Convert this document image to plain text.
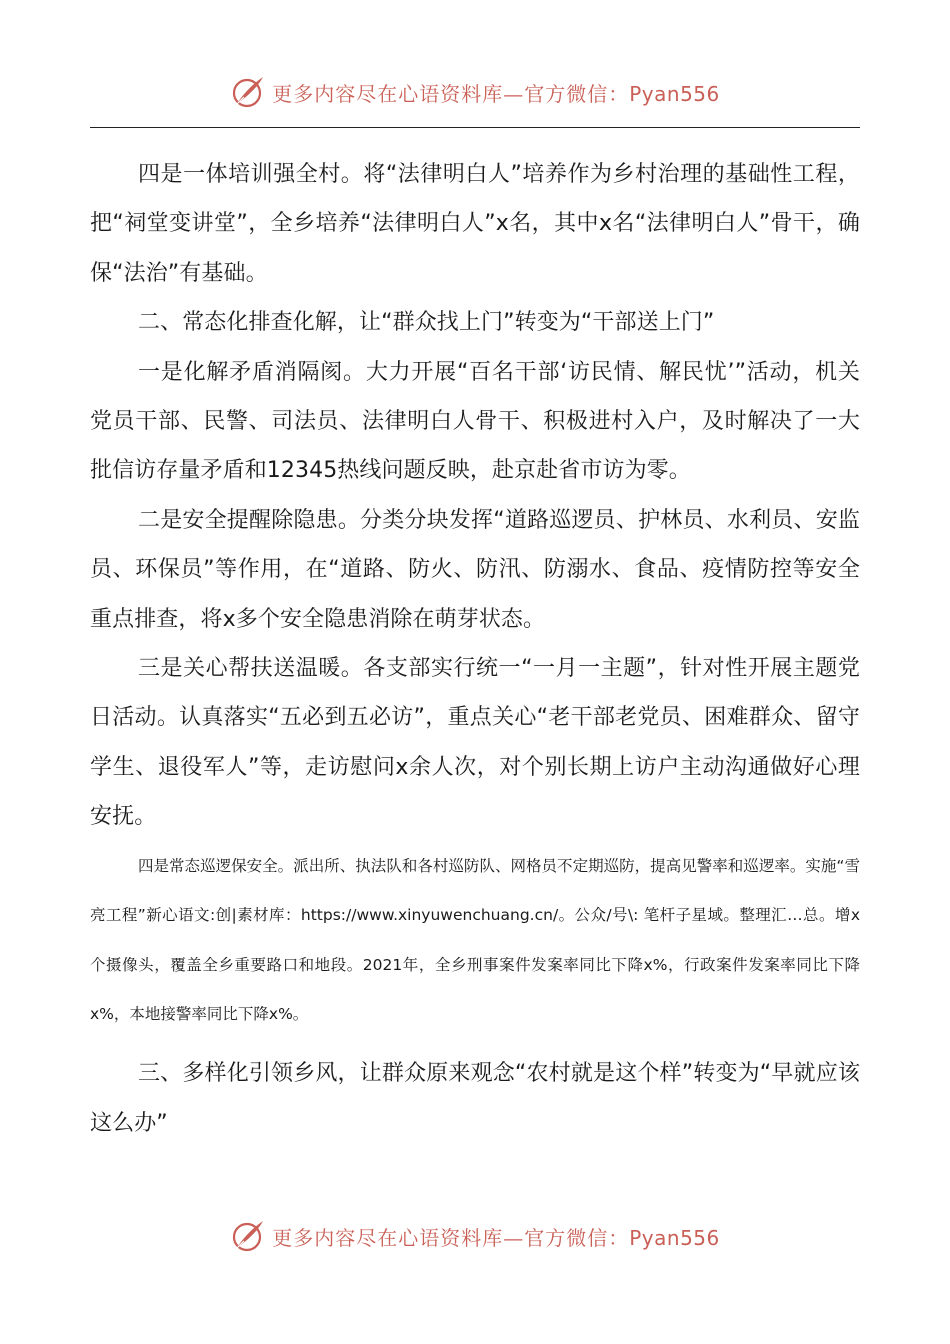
更多内容尽在心语资料库—官方微信：Pyan556

四是一体培训强全村。将“法律明白人”培养作为乡村治理的基础性工程，把“祠堂变讲堂”，全乡培养“法律明白人”x名，其中x名“法律明白人”骨干，确保“法治”有基础。

二、常态化排查化解，让“群众找上门”转变为“干部送上门”

一是化解矛盾消隔阂。大力开展“百名干部‘访民情、解民忧’”活动，机关党员干部、民警、司法员、法律明白人骨干、积极进村入户，及时解决了一大批信访存量矛盾和12345热线问题反映，赴京赴省市访为零。

二是安全提醒除隐患。分类分块发挥“道路巡逻员、护林员、水利员、安监员、环保员”等作用，在“道路、防火、防汛、防溺水、食品、疫情防控等安全重点排查，将x多个安全隐患消除在萌芽状态。

三是关心帮扶送温暖。各支部实行统一“一月一主题”，针对性开展主题党日活动。认真落实“五必到五必访”，重点关心“老干部老党员、困难群众、留守学生、退役军人”等，走访慰问x余人次，对个别长期上访户主动沟通做好心理安抚。

四是常态巡逻保安全。派出所、执法队和各村巡防队、网格员不定期巡防，提高见警率和巡逻率。实施“雪亮工程”新心语文:创|素材库：https://www.xinyuwenchuang.cn/。公众/号\: 笔杆子星域。整理汇…总。增x个摄像头，覆盖全乡重要路口和地段。2021年，全乡刑事案件发案率同比下降x%，行政案件发案率同比下降x%，本地接警率同比下降x%。

三、多样化引领乡风，让群众原来观念“农村就是这个样”转变为“早就应该这么办”

更多内容尽在心语资料库—官方微信：Pyan556
